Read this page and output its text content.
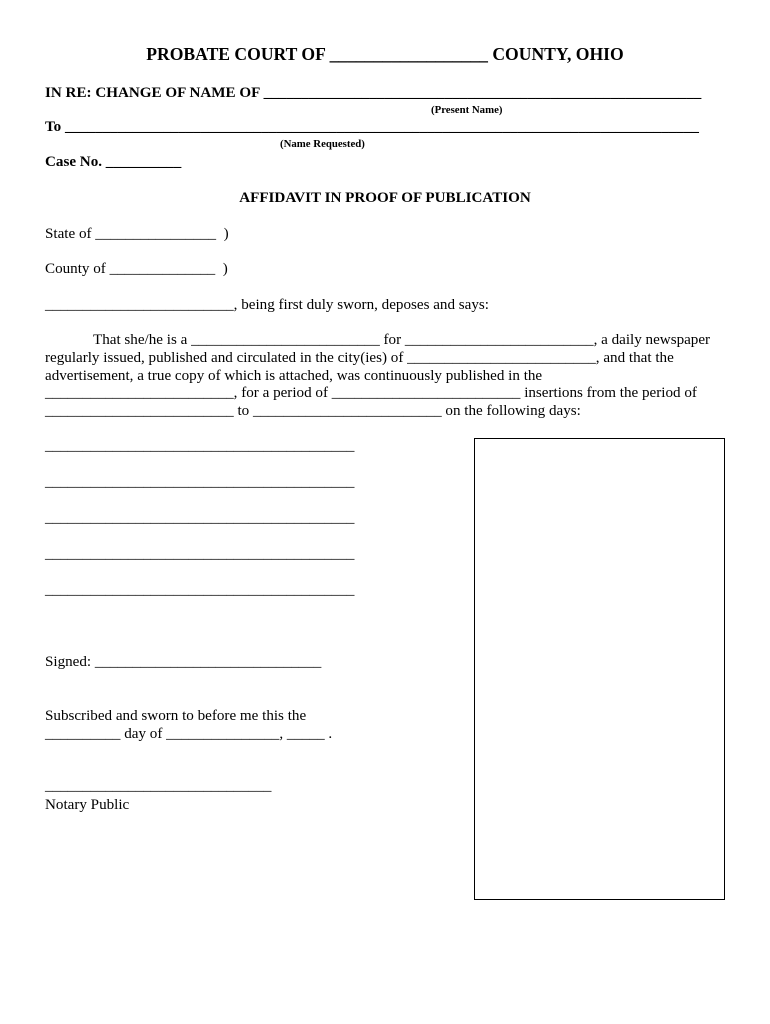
PROBATE COURT OF __________________ COUNTY, OHIO
IN RE: CHANGE OF NAME OF __________________________________________________________
(Present Name)
To ____________________________________________________________________________________
(Name Requested)
Case No. __________
AFFIDAVIT IN PROOF OF PUBLICATION
State of ________________  )
County of ______________  )
_________________________, being first duly sworn, deposes and says:
That she/he is a _________________________ for _________________________, a daily newspaper
regularly issued, published and circulated in the city(ies) of _________________________, and that the
advertisement, a true copy of which is attached, was continuously published in the
_________________________, for a period of _________________________ insertions from the period of
_________________________ to _________________________ on the following days:
_________________________________________
_________________________________________
_________________________________________
_________________________________________
_________________________________________
Signed: ______________________________
Subscribed and sworn to before me this the
__________ day of _______________, _____ .
______________________________
Notary Public
